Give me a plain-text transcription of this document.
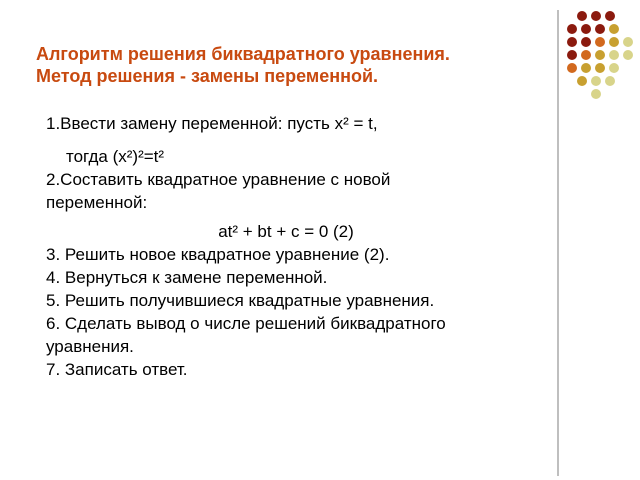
Алгоритм решения биквадратного уравнения.
Метод решения - замены переменной.
1.Ввести замену переменной: пусть x² = t,
тогда (x²)²=t²
2.Составить квадратное уравнение с новой
переменной:
at² + bt + c = 0 (2)
3. Решить новое квадратное уравнение (2).
4. Вернуться к замене переменной.
5. Решить получившиеся квадратные уравнения.
6. Сделать вывод о числе решений биквадратного
уравнения.
7. Записать ответ.
